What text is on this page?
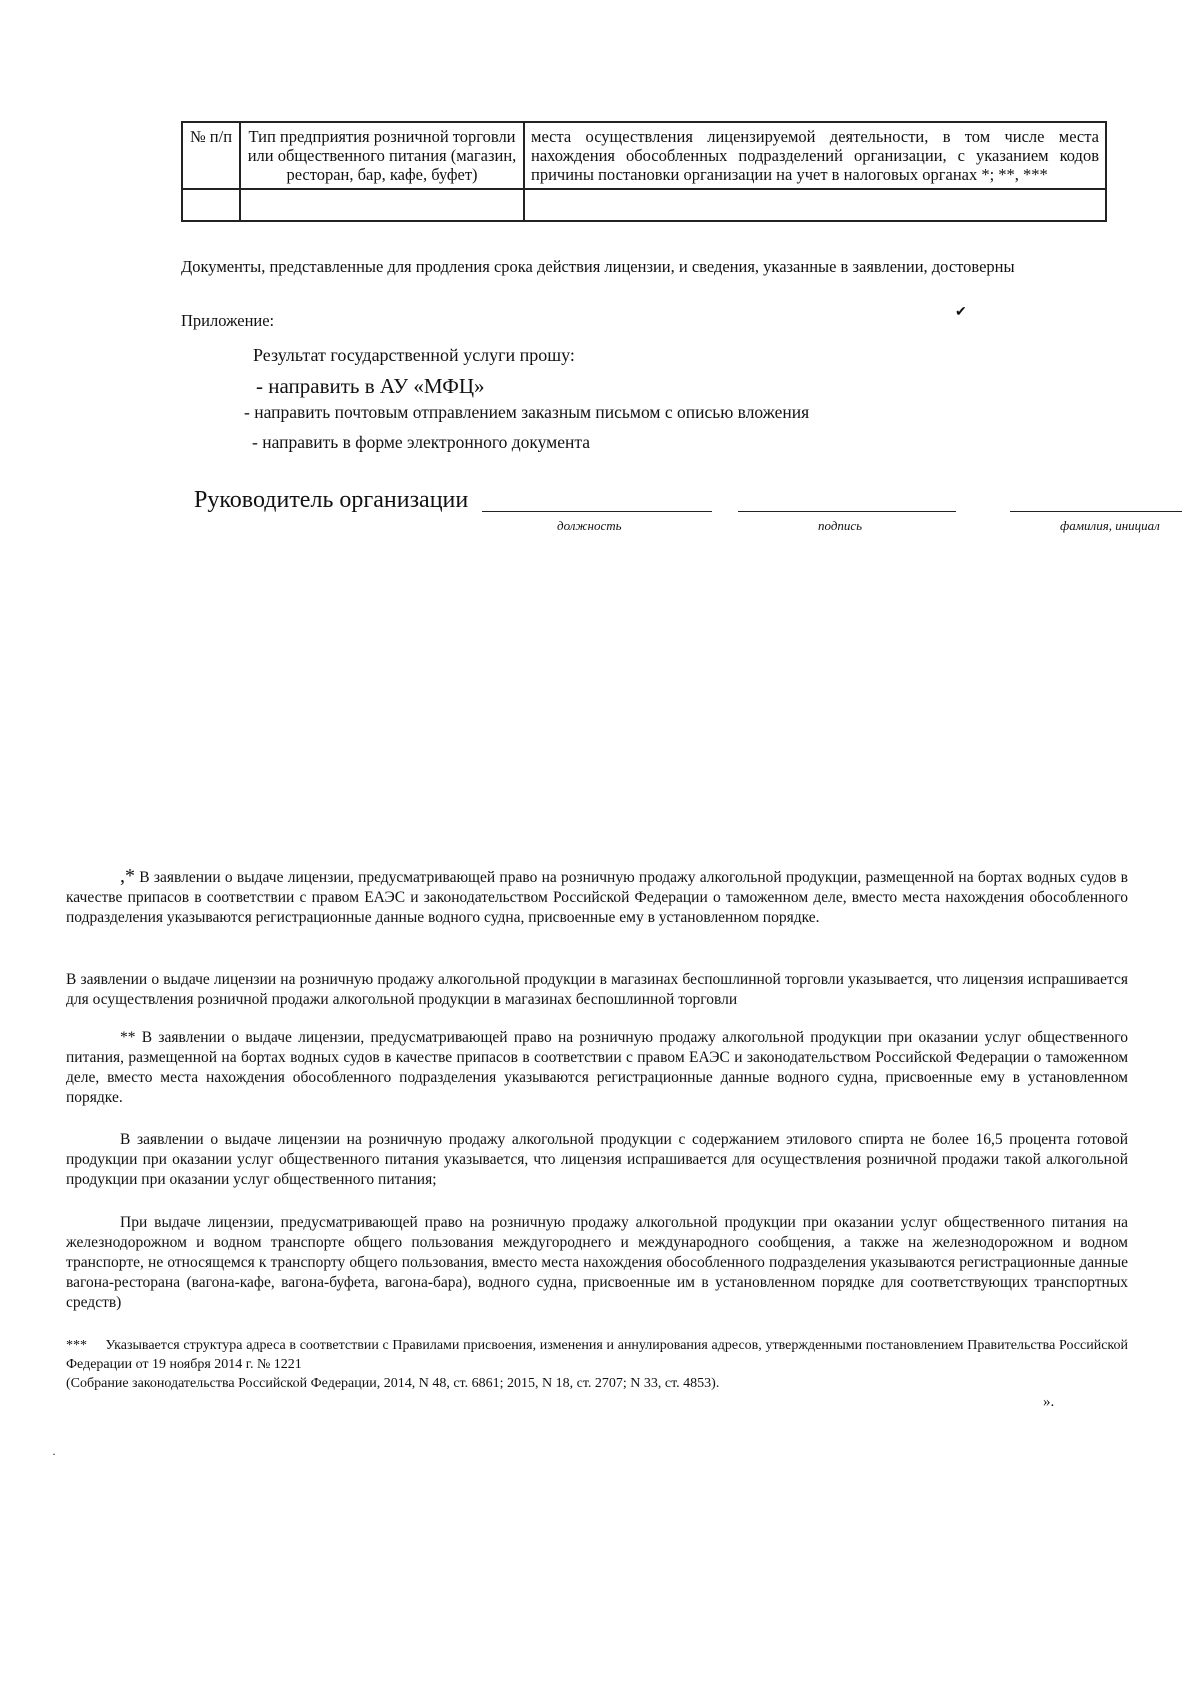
№ п/п	Тип предприятия розничной торговли или общественного питания (магазин, ресторан, бар, кафе, буфет)	места осуществления лицензируемой деятельности, в том числе места нахождения обособленных подразделений организации, с указанием кодов причины постановки организации на учет в налоговых органах *; **, ***

Документы, представленные для продления срока действия лицензии, и сведения, указанные в заявлении, достоверны
Приложение:	✔
Результат государственной услуги прошу:
- направить в АУ «МФЦ»
- направить почтовым отправлением заказным письмом с описью вложения
- направить в форме электронного документа
Руководитель организации
должность	подпись	фамилия, инициал
,* В заявлении о выдаче лицензии, предусматривающей право на розничную продажу алкогольной продукции, размещенной на бортах водных судов в качестве припасов в соответствии с правом ЕАЭС и законодательством Российской Федерации о таможенном деле, вместо места нахождения обособленного подразделения указываются регистрационные данные водного судна, присвоенные ему в установленном порядке.
В заявлении о выдаче лицензии на розничную продажу алкогольной продукции в магазинах беспошлинной торговли указывается, что лицензия испрашивается для осуществления розничной продажи алкогольной продукции в магазинах беспошлинной торговли
** В заявлении о выдаче лицензии, предусматривающей право на розничную продажу алкогольной продукции при оказании услуг общественного питания, размещенной на бортах водных судов в качестве припасов в соответствии с правом ЕАЭС и законодательством Российской Федерации о таможенном деле, вместо места нахождения обособленного подразделения указываются регистрационные данные водного судна, присвоенные ему в установленном порядке.
В заявлении о выдаче лицензии на розничную продажу алкогольной продукции с содержанием этилового спирта не более 16,5 процента готовой продукции при оказании услуг общественного питания указывается, что лицензия испрашивается для осуществления розничной продажи такой алкогольной продукции при оказании услуг общественного питания;
При выдаче лицензии, предусматривающей право на розничную продажу алкогольной продукции при оказании услуг общественного питания на железнодорожном и водном транспорте общего пользования междугороднего и международного сообщения, а также на железнодорожном и водном транспорте, не относящемся к транспорту общего пользования, вместо места нахождения обособленного подразделения указываются регистрационные данные вагона-ресторана (вагона-кафе, вагона-буфета, вагона-бара), водного судна, присвоенные им в установленном порядке для соответствующих транспортных средств)
*** Указывается структура адреса в соответствии с Правилами присвоения, изменения и аннулирования адресов, утвержденными постановлением Правительства Российской Федерации от 19 ноября 2014 г. № 1221
(Собрание законодательства Российской Федерации, 2014, N 48, ст. 6861; 2015, N 18, ст. 2707; N 33, ст. 4853).
».
·
